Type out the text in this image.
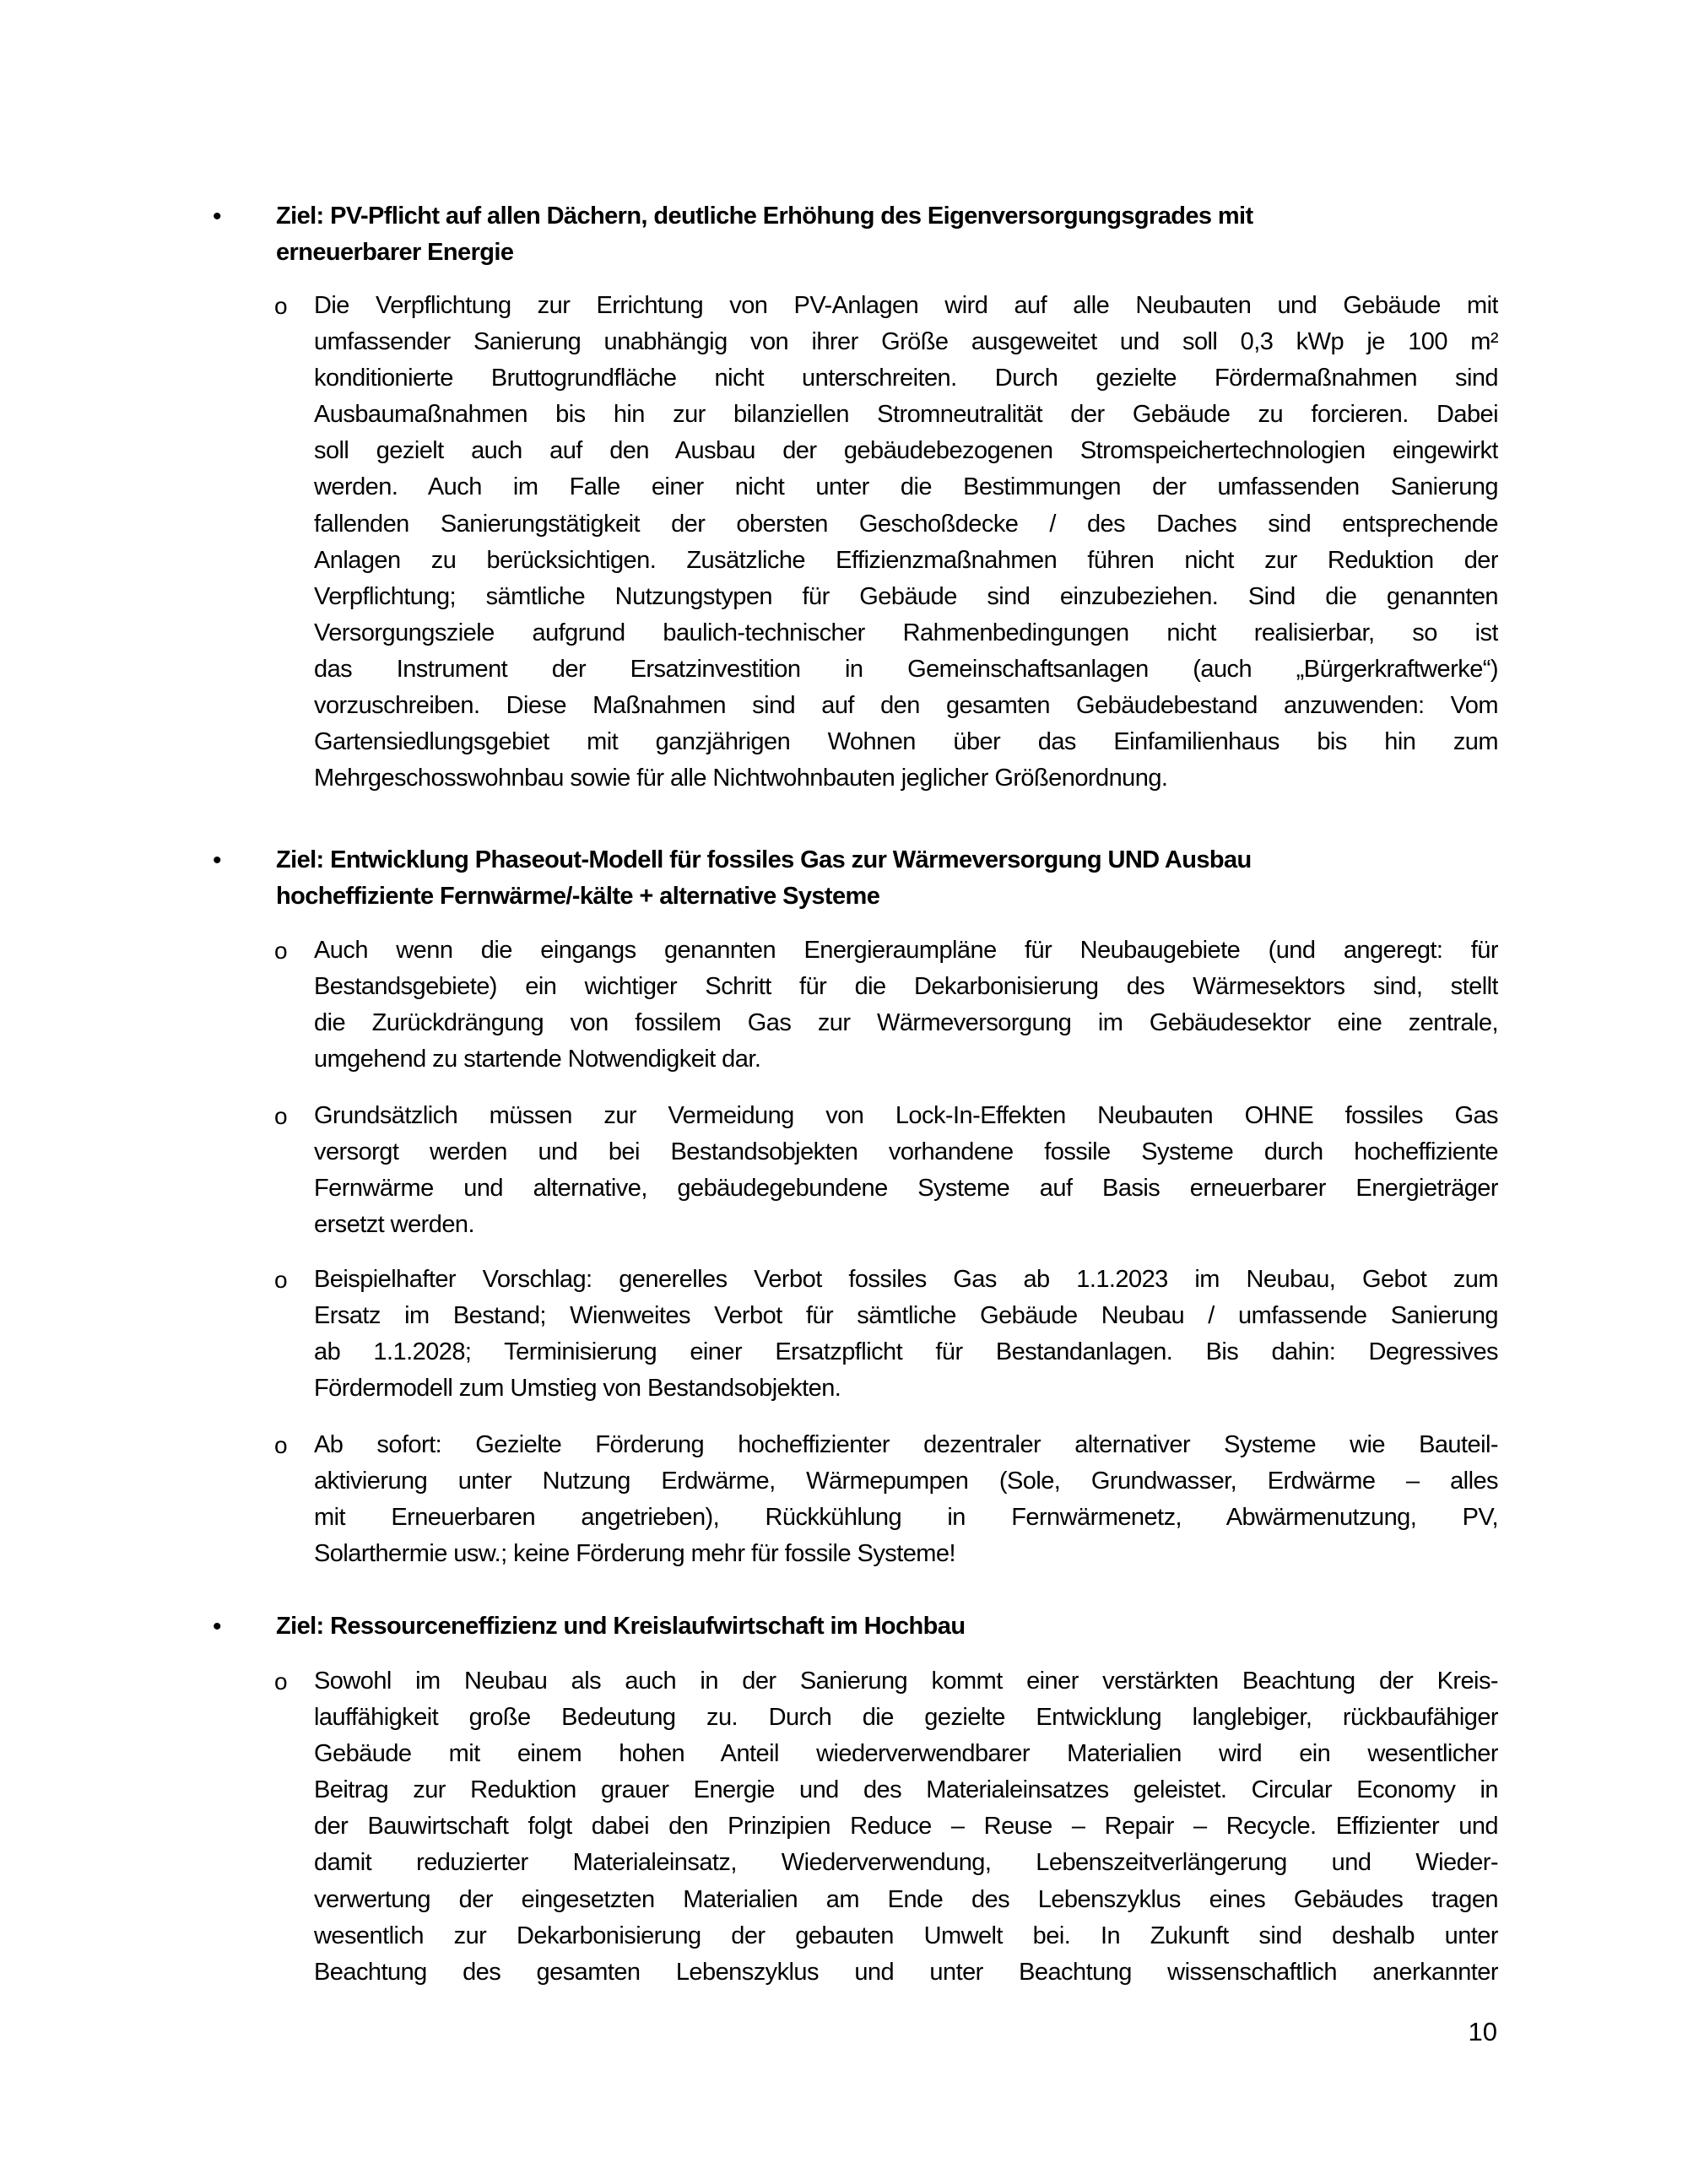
•	Ziel: PV-Pflicht auf allen Dächern, deutliche Erhöhung des Eigenversorgungsgrades mit
erneuerbarer Energie
o Die Verpflichtung zur Errichtung von PV-Anlagen wird auf alle Neubauten und Gebäude mit
umfassender Sanierung unabhängig von ihrer Größe ausgeweitet und soll 0,3 kWp je 100 m²
konditionierte Bruttogrundfläche nicht unterschreiten. Durch gezielte Fördermaßnahmen sind
Ausbaumaßnahmen bis hin zur bilanziellen Stromneutralität der Gebäude zu forcieren. Dabei
soll gezielt auch auf den Ausbau der gebäudebezogenen Stromspeichertechnologien eingewirkt
werden. Auch im Falle einer nicht unter die Bestimmungen der umfassenden Sanierung
fallenden Sanierungstätigkeit der obersten Geschoßdecke / des Daches sind entsprechende
Anlagen zu berücksichtigen. Zusätzliche Effizienzmaßnahmen führen nicht zur Reduktion der
Verpflichtung; sämtliche Nutzungstypen für Gebäude sind einzubeziehen. Sind die genannten
Versorgungsziele aufgrund baulich-technischer Rahmenbedingungen nicht realisierbar, so ist
das Instrument der Ersatzinvestition in Gemeinschaftsanlagen (auch „Bürgerkraftwerke“)
vorzuschreiben. Diese Maßnahmen sind auf den gesamten Gebäudebestand anzuwenden: Vom
Gartensiedlungsgebiet mit ganzjährigen Wohnen über das Einfamilienhaus bis hin zum
Mehrgeschosswohnbau sowie für alle Nichtwohnbauten jeglicher Größenordnung.
•	Ziel: Entwicklung Phaseout-Modell für fossiles Gas zur Wärmeversorgung UND Ausbau
hocheffiziente Fernwärme/-kälte + alternative Systeme
o Auch wenn die eingangs genannten Energieraumpläne für Neubaugebiete (und angeregt: für
Bestandsgebiete) ein wichtiger Schritt für die Dekarbonisierung des Wärmesektors sind, stellt
die Zurückdrängung von fossilem Gas zur Wärmeversorgung im Gebäudesektor eine zentrale,
umgehend zu startende Notwendigkeit dar.
o Grundsätzlich müssen zur Vermeidung von Lock-In-Effekten Neubauten OHNE fossiles Gas
versorgt werden und bei Bestandsobjekten vorhandene fossile Systeme durch hocheffiziente
Fernwärme und alternative, gebäudegebundene Systeme auf Basis erneuerbarer Energieträger
ersetzt werden.
o Beispielhafter Vorschlag: generelles Verbot fossiles Gas ab 1.1.2023 im Neubau, Gebot zum
Ersatz im Bestand; Wienweites Verbot für sämtliche Gebäude Neubau / umfassende Sanierung
ab 1.1.2028; Terminisierung einer Ersatzpflicht für Bestandanlagen. Bis dahin: Degressives
Fördermodell zum Umstieg von Bestandsobjekten.
o Ab sofort: Gezielte Förderung hocheffizienter dezentraler alternativer Systeme wie Bauteil-
aktivierung unter Nutzung Erdwärme, Wärmepumpen (Sole, Grundwasser, Erdwärme – alles
mit Erneuerbaren angetrieben), Rückkühlung in Fernwärmenetz, Abwärmenutzung, PV,
Solarthermie usw.; keine Förderung mehr für fossile Systeme!
•	Ziel: Ressourceneffizienz und Kreislaufwirtschaft im Hochbau
o Sowohl im Neubau als auch in der Sanierung kommt einer verstärkten Beachtung der Kreis-
lauffähigkeit große Bedeutung zu. Durch die gezielte Entwicklung langlebiger, rückbaufähiger
Gebäude mit einem hohen Anteil wiederverwendbarer Materialien wird ein wesentlicher
Beitrag zur Reduktion grauer Energie und des Materialeinsatzes geleistet. Circular Economy in
der Bauwirtschaft folgt dabei den Prinzipien Reduce – Reuse – Repair – Recycle. Effizienter und
damit reduzierter Materialeinsatz, Wiederverwendung, Lebenszeitverlängerung und Wieder-
verwertung der eingesetzten Materialien am Ende des Lebenszyklus eines Gebäudes tragen
wesentlich zur Dekarbonisierung der gebauten Umwelt bei. In Zukunft sind deshalb unter
Beachtung des gesamten Lebenszyklus und unter Beachtung wissenschaftlich anerkannter
10
